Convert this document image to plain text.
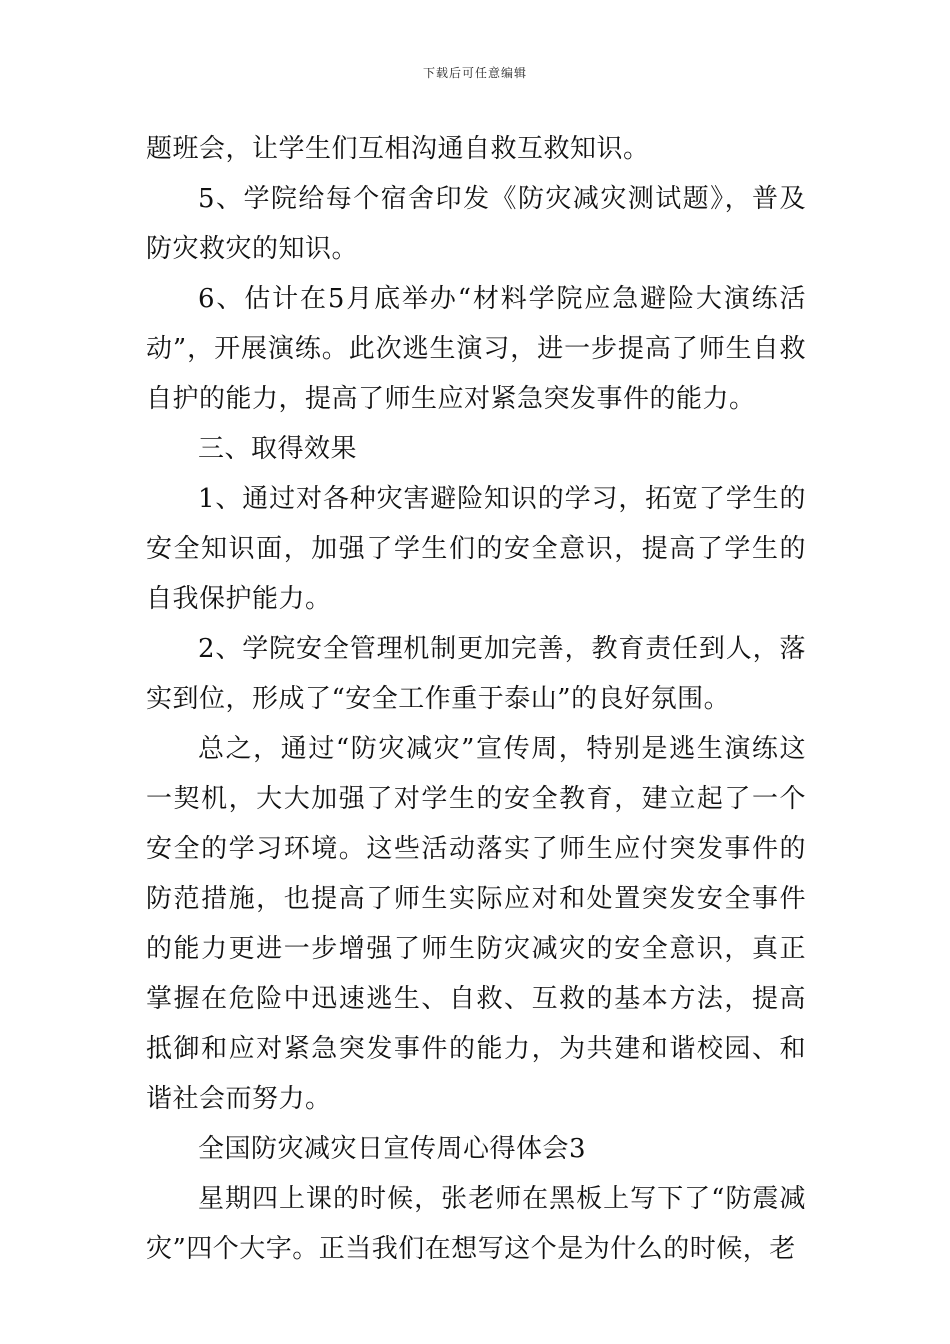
下载后可任意编辑

题班会，让学生们互相沟通自救互救知识。

5、学院给每个宿舍印发《防灾减灾测试题》，普及防灾救灾的知识。

6、估计在5月底举办“材料学院应急避险大演练活动”，开展演练。此次逃生演习，进一步提高了师生自救自护的能力，提高了师生应对紧急突发事件的能力。

三、取得效果

1、通过对各种灾害避险知识的学习，拓宽了学生的安全知识面，加强了学生们的安全意识，提高了学生的自我保护能力。

2、学院安全管理机制更加完善，教育责任到人，落实到位，形成了“安全工作重于泰山”的良好氛围。

总之，通过“防灾减灾”宣传周，特别是逃生演练这一契机，大大加强了对学生的安全教育，建立起了一个安全的学习环境。这些活动落实了师生应付突发事件的防范措施，也提高了师生实际应对和处置突发安全事件的能力更进一步增强了师生防灾减灾的安全意识，真正掌握在危险中迅速逃生、自救、互救的基本方法，提高抵御和应对紧急突发事件的能力，为共建和谐校园、和谐社会而努力。

全国防灾减灾日宣传周心得体会3

星期四上课的时候，张老师在黑板上写下了“防震减灾”四个大字。正当我们在想写这个是为什么的时候，老
